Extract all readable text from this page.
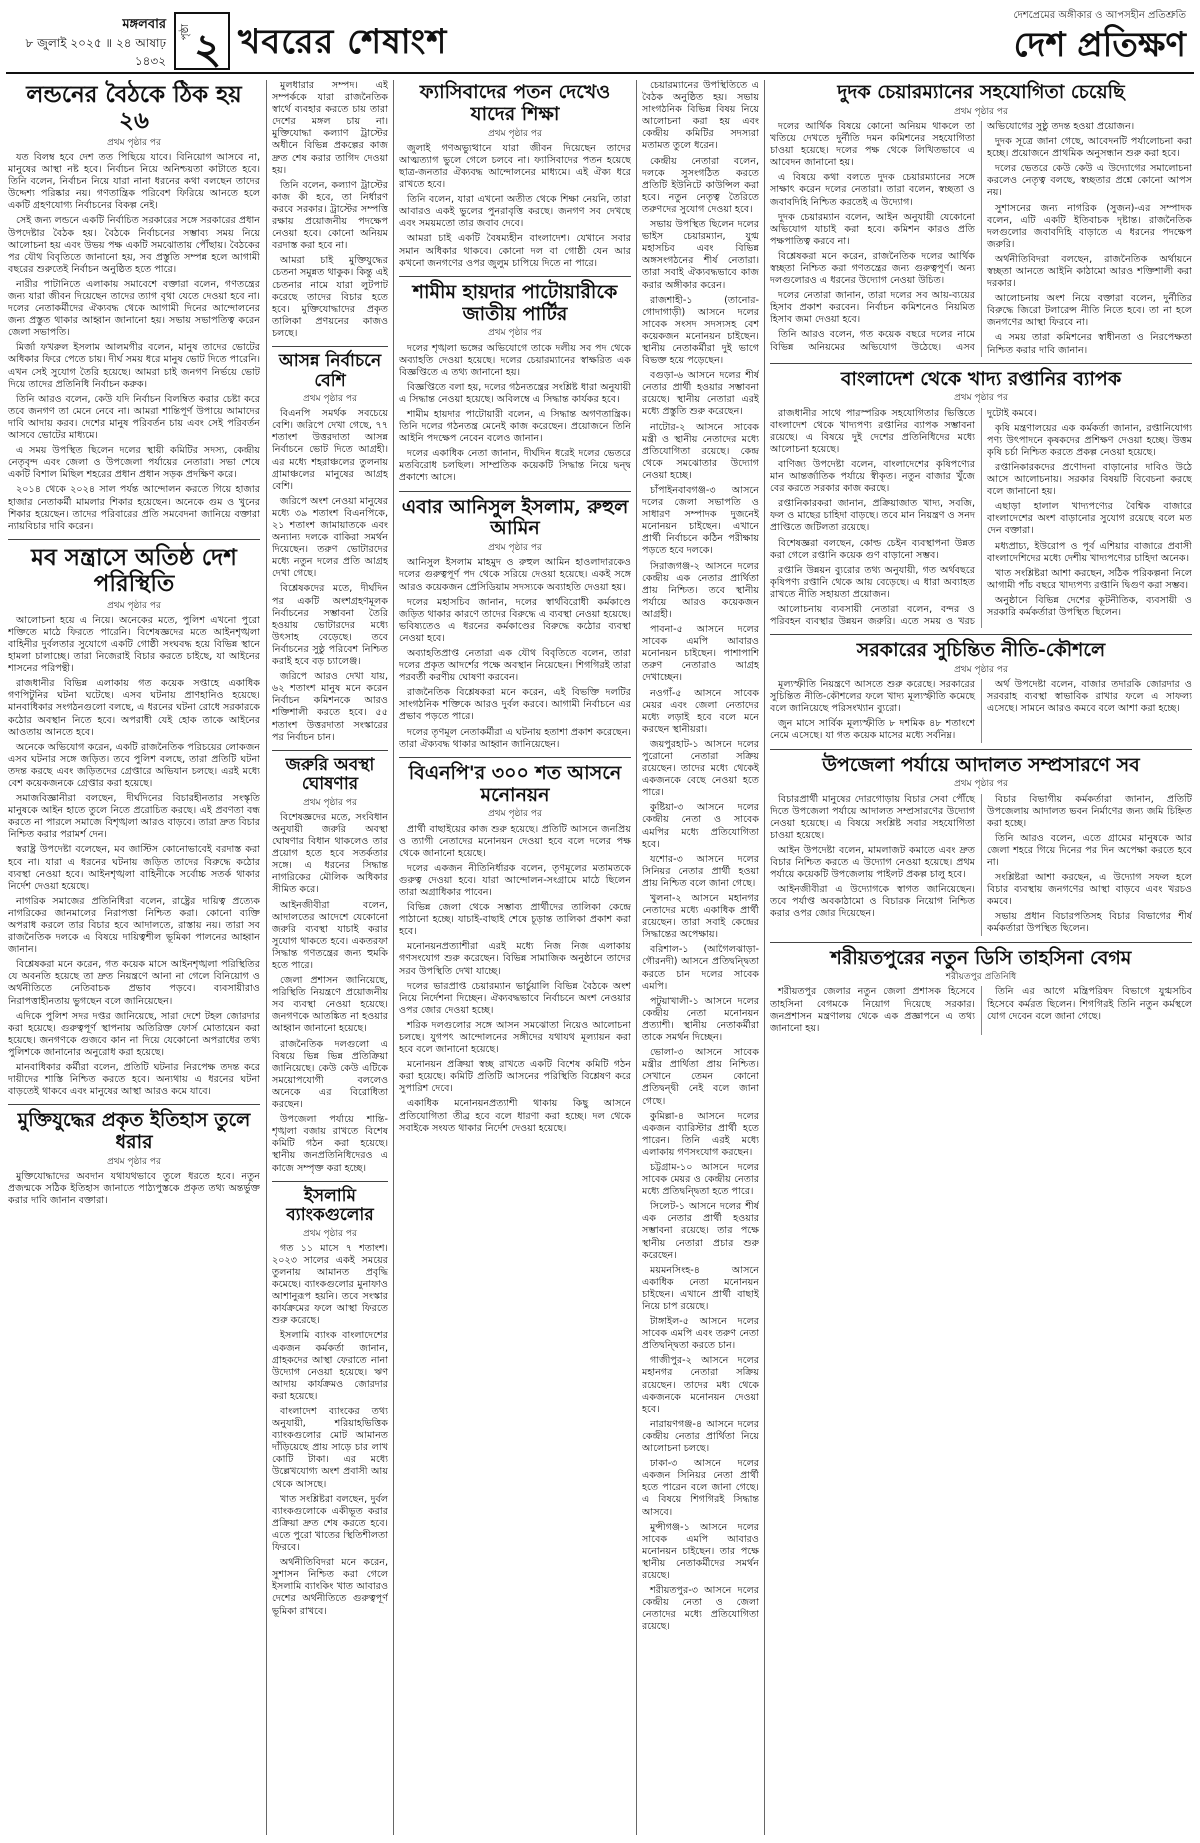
মঙ্গলবার
৮ জুলাই ২০২৫ ॥ ২৪ আষাঢ় ১৪৩২
পৃষ্ঠা ২ খবরের শেষাংশ
দেশপ্রেমের অঙ্গীকার ও আপসহীন প্রতিশ্রুতি
দেশ প্রতিক্ষণ
লন্ডনের বৈঠকে ঠিক হয় ২৬
প্রথম পৃষ্ঠার পর

যত বিলম্ব হবে দেশ তত পিছিয়ে যাবে। বিনিয়োগ আসবে না, মানুষের আস্থা নষ্ট হবে। নির্বাচন নিয়ে অনিশ্চয়তা কাটাতে হবে। তিনি বলেন, নির্বাচন নিয়ে যারা নানা ধরনের কথা বলছেন তাদের উদ্দেশ্য পরিষ্কার নয়। গণতান্ত্রিক পরিবেশ ফিরিয়ে আনতে হলে একটি গ্রহণযোগ্য নির্বাচনের বিকল্প নেই।

সেই জন্য লন্ডনে একটি নির্বাচিত সরকারের সঙ্গে সরকারের প্রধান উপদেষ্টার বৈঠক হয়। বৈঠকে নির্বাচনের সম্ভাব্য সময় নিয়ে আলোচনা হয় এবং উভয় পক্ষ একটি সমঝোতায় পৌঁছায়। বৈঠকের পর যৌথ বিবৃতিতে জানানো হয়, সব প্রস্তুতি সম্পন্ন হলে আগামী বছরের শুরুতেই নির্বাচন অনুষ্ঠিত হতে পারে।

নারীর পাটানিতে এলাকায় সমাবেশে বক্তারা বলেন, গণতন্ত্রের জন্য যারা জীবন দিয়েছেন তাদের ত্যাগ বৃথা যেতে দেওয়া হবে না। দলের নেতাকর্মীদের ঐক্যবদ্ধ থেকে আগামী দিনের আন্দোলনের জন্য প্রস্তুত থাকার আহ্বান জানানো হয়। সভায় সভাপতিত্ব করেন জেলা সভাপতি।

মির্জা ফখরুল ইসলাম আলমগীর বলেন, মানুষ তাদের ভোটের অধিকার ফিরে পেতে চায়। দীর্ঘ সময় ধরে মানুষ ভোট দিতে পারেনি। এখন সেই সুযোগ তৈরি হয়েছে। আমরা চাই জনগণ নির্ভয়ে ভোট দিয়ে তাদের প্রতিনিধি নির্বাচন করুক।

তিনি আরও বলেন, কেউ যদি নির্বাচন বিলম্বিত করার চেষ্টা করে তবে জনগণ তা মেনে নেবে না। আমরা শান্তিপূর্ণ উপায়ে আমাদের দাবি আদায় করব। দেশের মানুষ পরিবর্তন চায় এবং সেই পরিবর্তন আসবে ভোটের মাধ্যমে।

এ সময় উপস্থিত ছিলেন দলের স্থায়ী কমিটির সদস্য, কেন্দ্রীয় নেতৃবৃন্দ এবং জেলা ও উপজেলা পর্যায়ের নেতারা। সভা শেষে একটি বিশাল মিছিল শহরের প্রধান প্রধান সড়ক প্রদক্ষিণ করে।

২০১৪ থেকে ২০২৪ সাল পর্যন্ত আন্দোলন করতে গিয়ে হাজার হাজার নেতাকর্মী মামলার শিকার হয়েছেন। অনেকে গুম ও খুনের শিকার হয়েছেন। তাদের পরিবারের প্রতি সমবেদনা জানিয়ে বক্তারা ন্যায়বিচার দাবি করেন।

মব সন্ত্রাসে অতিষ্ঠ দেশ পরিস্থিতি
প্রথম পৃষ্ঠার পর

আলোচনা হয়ে এ নিয়ে। অনেকের মতে, পুলিশ এখনো পুরো শক্তিতে মাঠে ফিরতে পারেনি। বিশেষজ্ঞদের মতে আইনশৃঙ্খলা বাহিনীর দুর্বলতার সুযোগে একটি গোষ্ঠী সংঘবদ্ধ হয়ে বিভিন্ন স্থানে হামলা চালাচ্ছে। তারা নিজেরাই বিচার করতে চাইছে, যা আইনের শাসনের পরিপন্থী।

রাজধানীর বিভিন্ন এলাকায় গত কয়েক সপ্তাহে একাধিক গণপিটুনির ঘটনা ঘটেছে। এসব ঘটনায় প্রাণহানিও হয়েছে। মানবাধিকার সংগঠনগুলো বলছে, এ ধরনের ঘটনা রোধে সরকারকে কঠোর অবস্থান নিতে হবে। অপরাধী যেই হোক তাকে আইনের আওতায় আনতে হবে।

অনেকে অভিযোগ করেন, একটি রাজনৈতিক পরিচয়ের লোকজন এসব ঘটনার সঙ্গে জড়িত। তবে পুলিশ বলছে, তারা প্রতিটি ঘটনা তদন্ত করছে এবং জড়িতদের গ্রেপ্তারে অভিযান চলছে। এরই মধ্যে বেশ কয়েকজনকে গ্রেপ্তার করা হয়েছে।

সমাজবিজ্ঞানীরা বলছেন, দীর্ঘদিনের বিচারহীনতার সংস্কৃতি মানুষকে আইন হাতে তুলে নিতে প্ররোচিত করছে। এই প্রবণতা বন্ধ করতে না পারলে সমাজে বিশৃঙ্খলা আরও বাড়বে। তারা দ্রুত বিচার নিশ্চিত করার পরামর্শ দেন।

স্বরাষ্ট্র উপদেষ্টা বলেছেন, মব জাস্টিস কোনোভাবেই বরদাস্ত করা হবে না। যারা এ ধরনের ঘটনায় জড়িত তাদের বিরুদ্ধে কঠোর ব্যবস্থা নেওয়া হবে। আইনশৃঙ্খলা বাহিনীকে সর্বোচ্চ সতর্ক থাকার নির্দেশ দেওয়া হয়েছে।

নাগরিক সমাজের প্রতিনিধিরা বলেন, রাষ্ট্রের দায়িত্ব প্রত্যেক নাগরিকের জানমালের নিরাপত্তা নিশ্চিত করা। কোনো ব্যক্তি অপরাধ করলে তার বিচার হবে আদালতে, রাস্তায় নয়। তারা সব রাজনৈতিক দলকে এ বিষয়ে দায়িত্বশীল ভূমিকা পালনের আহ্বান জানান।

বিশ্লেষকরা মনে করেন, গত কয়েক মাসে আইনশৃঙ্খলা পরিস্থিতির যে অবনতি হয়েছে তা দ্রুত নিয়ন্ত্রণে আনা না গেলে বিনিয়োগ ও অর্থনীতিতে নেতিবাচক প্রভাব পড়বে। ব্যবসায়ীরাও নিরাপত্তাহীনতায় ভুগছেন বলে জানিয়েছেন।

এদিকে পুলিশ সদর দপ্তর জানিয়েছে, সারা দেশে টহল জোরদার করা হয়েছে। গুরুত্বপূর্ণ স্থাপনায় অতিরিক্ত ফোর্স মোতায়েন করা হয়েছে। জনগণকে গুজবে কান না দিয়ে যেকোনো অপরাধের তথ্য পুলিশকে জানানোর অনুরোধ করা হয়েছে।

মানবাধিকার কর্মীরা বলেন, প্রতিটি ঘটনার নিরপেক্ষ তদন্ত করে দায়ীদের শাস্তি নিশ্চিত করতে হবে। অন্যথায় এ ধরনের ঘটনা বাড়তেই থাকবে এবং মানুষের আস্থা আরও কমে যাবে।

মুক্তিযুদ্ধের প্রকৃত ইতিহাস তুলে ধরার
প্রথম পৃষ্ঠার পর

মুক্তিযোদ্ধাদের অবদান যথাযথভাবে তুলে ধরতে হবে। নতুন প্রজন্মকে সঠিক ইতিহাস জানাতে পাঠ্যপুস্তকে প্রকৃত তথ্য অন্তর্ভুক্ত করার দাবি জানান বক্তারা।

মুলধারার সম্পদ। এই সম্পর্ককে যারা রাজনৈতিক স্বার্থে ব্যবহার করতে চায় তারা দেশের মঙ্গল চায় না। মুক্তিযোদ্ধা কল্যাণ ট্রাস্টের অধীনে বিভিন্ন প্রকল্পের কাজ দ্রুত শেষ করার তাগিদ দেওয়া হয়।

তিনি বলেন, কল্যাণ ট্রাস্টের কাজ কী হবে, তা নির্ধারণ করবে সরকার। ট্রাস্টের সম্পত্তি রক্ষায় প্রয়োজনীয় পদক্ষেপ নেওয়া হবে। কোনো অনিয়ম বরদাস্ত করা হবে না।

আমরা চাই মুক্তিযুদ্ধের চেতনা সমুন্নত থাকুক। কিন্তু এই চেতনার নামে যারা লুটপাট করেছে তাদের বিচার হতে হবে। মুক্তিযোদ্ধাদের প্রকৃত তালিকা প্রণয়নের কাজও চলছে।

আসন্ন নির্বাচনে বেশি
প্রথম পৃষ্ঠার পর

বিএনপি সমর্থক সবচেয়ে বেশি। জরিপে দেখা গেছে, ৭৭ শতাংশ উত্তরদাতা আসন্ন নির্বাচনে ভোট দিতে আগ্রহী। এর মধ্যে শহরাঞ্চলের তুলনায় গ্রামাঞ্চলের মানুষের আগ্রহ বেশি।

জরিপে অংশ নেওয়া মানুষের মধ্যে ৩৯ শতাংশ বিএনপিকে, ২১ শতাংশ জামায়াতকে এবং অন্যান্য দলকে বাকিরা সমর্থন দিয়েছেন। তরুণ ভোটারদের মধ্যে নতুন দলের প্রতি আগ্রহ দেখা গেছে।

বিশ্লেষকদের মতে, দীর্ঘদিন পর একটি অংশগ্রহণমূলক নির্বাচনের সম্ভাবনা তৈরি হওয়ায় ভোটারদের মধ্যে উৎসাহ বেড়েছে। তবে নির্বাচনের সুষ্ঠু পরিবেশ নিশ্চিত করাই হবে বড় চ্যালেঞ্জ।

জরিপে আরও দেখা যায়, ৬২ শতাংশ মানুষ মনে করেন নির্বাচন কমিশনকে আরও শক্তিশালী করতে হবে। ৫৫ শতাংশ উত্তরদাতা সংস্কারের পর নির্বাচন চান।

জরুরি অবস্থা ঘোষণার
প্রথম পৃষ্ঠার পর

বিশেষজ্ঞদের মতে, সংবিধান অনুযায়ী জরুরি অবস্থা ঘোষণার বিধান থাকলেও তার প্রয়োগ হতে হবে সতর্কতার সঙ্গে। এ ধরনের সিদ্ধান্ত নাগরিকের মৌলিক অধিকার সীমিত করে।

আইনজীবীরা বলেন, আদালতের আদেশে যেকোনো জরুরি ব্যবস্থা যাচাই করার সুযোগ থাকতে হবে। একতরফা সিদ্ধান্ত গণতন্ত্রের জন্য হুমকি হতে পারে।

জেলা প্রশাসন জানিয়েছে, পরিস্থিতি নিয়ন্ত্রণে প্রয়োজনীয় সব ব্যবস্থা নেওয়া হয়েছে। জনগণকে আতঙ্কিত না হওয়ার আহ্বান জানানো হয়েছে।

রাজনৈতিক দলগুলো এ বিষয়ে ভিন্ন ভিন্ন প্রতিক্রিয়া জানিয়েছে। কেউ কেউ এটিকে সময়োপযোগী বললেও অনেকে এর বিরোধিতা করছেন।

উপজেলা পর্যায়ে শান্তি-শৃঙ্খলা বজায় রাখতে বিশেষ কমিটি গঠন করা হয়েছে। স্থানীয় জনপ্রতিনিধিদেরও এ কাজে সম্পৃক্ত করা হচ্ছে।

ইসলামি ব্যাংকগুলোর
প্রথম পৃষ্ঠার পর

গত ১১ মাসে ৭ শতাংশ। ২০২৩ সালের একই সময়ের তুলনায় আমানত প্রবৃদ্ধি কমেছে। ব্যাংকগুলোর মুনাফাও আশানুরূপ হয়নি। তবে সংস্কার কার্যক্রমের ফলে আস্থা ফিরতে শুরু করেছে।

ইসলামি ব্যাংক বাংলাদেশের একজন কর্মকর্তা জানান, গ্রাহকদের আস্থা ফেরাতে নানা উদ্যোগ নেওয়া হয়েছে। ঋণ আদায় কার্যক্রমও জোরদার করা হয়েছে।

বাংলাদেশ ব্যাংকের তথ্য অনুযায়ী, শরিয়াহভিত্তিক ব্যাংকগুলোর মোট আমানত দাঁড়িয়েছে প্রায় সাড়ে চার লাখ কোটি টাকা। এর মধ্যে উল্লেখযোগ্য অংশ প্রবাসী আয় থেকে আসছে।

খাত সংশ্লিষ্টরা বলছেন, দুর্বল ব্যাংকগুলোকে একীভূত করার প্রক্রিয়া দ্রুত শেষ করতে হবে। এতে পুরো খাতের স্থিতিশীলতা ফিরবে।

অর্থনীতিবিদরা মনে করেন, সুশাসন নিশ্চিত করা গেলে ইসলামি ব্যাংকিং খাত আবারও দেশের অর্থনীতিতে গুরুত্বপূর্ণ ভূমিকা রাখবে।

ফ্যাসিবাদের পতন দেখেও যাদের শিক্ষা
প্রথম পৃষ্ঠার পর

জুলাই গণঅভ্যুত্থানে যারা জীবন দিয়েছেন তাদের আত্মত্যাগ ভুলে গেলে চলবে না। ফ্যাসিবাদের পতন হয়েছে ছাত্র-জনতার ঐক্যবদ্ধ আন্দোলনের মাধ্যমে। এই ঐক্য ধরে রাখতে হবে।

তিনি বলেন, যারা এখনো অতীত থেকে শিক্ষা নেয়নি, তারা আবারও একই ভুলের পুনরাবৃত্তি করছে। জনগণ সব দেখছে এবং সময়মতো তার জবাব দেবে।

আমরা চাই একটি বৈষম্যহীন বাংলাদেশ। যেখানে সবার সমান অধিকার থাকবে। কোনো দল বা গোষ্ঠী যেন আর কখনো জনগণের ওপর জুলুম চাপিয়ে দিতে না পারে।

শামীম হায়দার পাটোয়ারীকে জাতীয় পার্টির
প্রথম পৃষ্ঠার পর

দলের শৃঙ্খলা ভঙ্গের অভিযোগে তাকে দলীয় সব পদ থেকে অব্যাহতি দেওয়া হয়েছে। দলের চেয়ারম্যানের স্বাক্ষরিত এক বিজ্ঞপ্তিতে এ তথ্য জানানো হয়।

বিজ্ঞপ্তিতে বলা হয়, দলের গঠনতন্ত্রের সংশ্লিষ্ট ধারা অনুযায়ী এ সিদ্ধান্ত নেওয়া হয়েছে। অবিলম্বে এ সিদ্ধান্ত কার্যকর হবে।

শামীম হায়দার পাটোয়ারী বলেন, এ সিদ্ধান্ত অগণতান্ত্রিক। তিনি দলের গঠনতন্ত্র মেনেই কাজ করেছেন। প্রয়োজনে তিনি আইনি পদক্ষেপ নেবেন বলেও জানান।

দলের একাধিক নেতা জানান, দীর্ঘদিন ধরেই দলের ভেতরে মতবিরোধ চলছিল। সাম্প্রতিক কয়েকটি সিদ্ধান্ত নিয়ে দ্বন্দ্ব প্রকাশ্যে আসে।

এবার আনিসুল ইসলাম, রুহুল আমিন
প্রথম পৃষ্ঠার পর

আনিসুল ইসলাম মাহমুদ ও রুহুল আমিন হাওলাদারকেও দলের গুরুত্বপূর্ণ পদ থেকে সরিয়ে দেওয়া হয়েছে। একই সঙ্গে আরও কয়েকজন প্রেসিডিয়াম সদস্যকে অব্যাহতি দেওয়া হয়।

দলের মহাসচিব জানান, দলের স্বার্থবিরোধী কর্মকাণ্ডে জড়িত থাকার কারণে তাদের বিরুদ্ধে এ ব্যবস্থা নেওয়া হয়েছে। ভবিষ্যতেও এ ধরনের কর্মকাণ্ডের বিরুদ্ধে কঠোর ব্যবস্থা নেওয়া হবে।

অব্যাহতিপ্রাপ্ত নেতারা এক যৌথ বিবৃতিতে বলেন, তারা দলের প্রকৃত আদর্শের পক্ষে অবস্থান নিয়েছেন। শিগগিরই তারা পরবর্তী করণীয় ঘোষণা করবেন।

রাজনৈতিক বিশ্লেষকরা মনে করেন, এই বিভক্তি দলটির সাংগঠনিক শক্তিকে আরও দুর্বল করবে। আগামী নির্বাচনে এর প্রভাব পড়তে পারে।

দলের তৃণমূল নেতাকর্মীরা এ ঘটনায় হতাশা প্রকাশ করেছেন। তারা ঐক্যবদ্ধ থাকার আহ্বান জানিয়েছেন।

বিএনপি'র ৩০০ শত আসনে মনোনয়ন
প্রথম পৃষ্ঠার পর

প্রার্থী বাছাইয়ের কাজ শুরু হয়েছে। প্রতিটি আসনে জনপ্রিয় ও ত্যাগী নেতাদের মনোনয়ন দেওয়া হবে বলে দলের পক্ষ থেকে জানানো হয়েছে।

দলের একজন নীতিনির্ধারক বলেন, তৃণমূলের মতামতকে গুরুত্ব দেওয়া হবে। যারা আন্দোলন-সংগ্রামে মাঠে ছিলেন তারা অগ্রাধিকার পাবেন।

বিভিন্ন জেলা থেকে সম্ভাব্য প্রার্থীদের তালিকা কেন্দ্রে পাঠানো হচ্ছে। যাচাই-বাছাই শেষে চূড়ান্ত তালিকা প্রকাশ করা হবে।

মনোনয়নপ্রত্যাশীরা এরই মধ্যে নিজ নিজ এলাকায় গণসংযোগ শুরু করেছেন। বিভিন্ন সামাজিক অনুষ্ঠানে তাদের সরব উপস্থিতি দেখা যাচ্ছে।

দলের ভারপ্রাপ্ত চেয়ারম্যান ভার্চুয়ালি বিভিন্ন বৈঠকে অংশ নিয়ে নির্দেশনা দিচ্ছেন। ঐক্যবদ্ধভাবে নির্বাচনে অংশ নেওয়ার ওপর জোর দেওয়া হচ্ছে।

শরিক দলগুলোর সঙ্গে আসন সমঝোতা নিয়েও আলোচনা চলছে। যুগপৎ আন্দোলনের সঙ্গীদের যথাযথ মূল্যায়ন করা হবে বলে জানানো হয়েছে।

মনোনয়ন প্রক্রিয়া স্বচ্ছ রাখতে একটি বিশেষ কমিটি গঠন করা হয়েছে। কমিটি প্রতিটি আসনের পরিস্থিতি বিশ্লেষণ করে সুপারিশ দেবে।

একাধিক মনোনয়নপ্রত্যাশী থাকায় কিছু আসনে প্রতিযোগিতা তীব্র হবে বলে ধারণা করা হচ্ছে। দল থেকে সবাইকে সংযত থাকার নির্দেশ দেওয়া হয়েছে।

চেয়ারম্যানের উপস্থিতিতে এ বৈঠক অনুষ্ঠিত হয়। সভায় সাংগঠনিক বিভিন্ন বিষয় নিয়ে আলোচনা করা হয় এবং কেন্দ্রীয় কমিটির সদস্যরা মতামত তুলে ধরেন।

কেন্দ্রীয় নেতারা বলেন, দলকে সুসংগঠিত করতে প্রতিটি ইউনিটে কাউন্সিল করা হবে। নতুন নেতৃত্ব তৈরিতে তরুণদের সুযোগ দেওয়া হবে।

সভায় উপস্থিত ছিলেন দলের ভাইস চেয়ারম্যান, যুগ্ম মহাসচিব এবং বিভিন্ন অঙ্গসংগঠনের শীর্ষ নেতারা। তারা সবাই ঐক্যবদ্ধভাবে কাজ করার অঙ্গীকার করেন।

রাজশাহী-১ (তানোর-গোদাগাড়ী) আসনে দলের সাবেক সংসদ সদস্যসহ বেশ কয়েকজন মনোনয়ন চাইছেন। স্থানীয় নেতাকর্মীরা দুই ভাগে বিভক্ত হয়ে পড়েছেন।

বগুড়া-৬ আসনে দলের শীর্ষ নেতার প্রার্থী হওয়ার সম্ভাবনা রয়েছে। স্থানীয় নেতারা এরই মধ্যে প্রস্তুতি শুরু করেছেন।

নাটোর-২ আসনে সাবেক মন্ত্রী ও স্থানীয় নেতাদের মধ্যে প্রতিযোগিতা রয়েছে। কেন্দ্র থেকে সমঝোতার উদ্যোগ নেওয়া হচ্ছে।

চাঁপাইনবাবগঞ্জ-৩ আসনে দলের জেলা সভাপতি ও সাধারণ সম্পাদক দুজনেই মনোনয়ন চাইছেন। এখানে প্রার্থী নির্বাচনে কঠিন পরীক্ষায় পড়তে হবে দলকে।

সিরাজগঞ্জ-২ আসনে দলের কেন্দ্রীয় এক নেতার প্রার্থিতা প্রায় নিশ্চিত। তবে স্থানীয় পর্যায়ে আরও কয়েকজন আগ্রহী।

পাবনা-৫ আসনে দলের সাবেক এমপি আবারও মনোনয়ন চাইছেন। পাশাপাশি তরুণ নেতারাও আগ্রহ দেখাচ্ছেন।

নওগাঁ-৫ আসনে সাবেক মেয়র এবং জেলা নেতাদের মধ্যে লড়াই হবে বলে মনে করছেন স্থানীয়রা।

জয়পুরহাট-১ আসনে দলের পুরোনো নেতারা সক্রিয় রয়েছেন। তাদের মধ্যে থেকেই একজনকে বেছে নেওয়া হতে পারে।

কুষ্টিয়া-৩ আসনে দলের কেন্দ্রীয় নেতা ও সাবেক এমপির মধ্যে প্রতিযোগিতা হবে।

যশোর-৩ আসনে দলের সিনিয়র নেতার প্রার্থী হওয়া প্রায় নিশ্চিত বলে জানা গেছে।

খুলনা-২ আসনে মহানগর নেতাদের মধ্যে একাধিক প্রার্থী রয়েছেন। তারা সবাই কেন্দ্রের সিদ্ধান্তের অপেক্ষায়।

বরিশাল-১ (আগৈলঝাড়া-গৌরনদী) আসনে প্রতিদ্বন্দ্বিতা করতে চান দলের সাবেক এমপি।

পটুয়াখালী-১ আসনে দলের কেন্দ্রীয় নেতা মনোনয়ন প্রত্যাশী। স্থানীয় নেতাকর্মীরা তাকে সমর্থন দিচ্ছেন।

ভোলা-৩ আসনে সাবেক মন্ত্রীর প্রার্থিতা প্রায় নিশ্চিত। সেখানে তেমন কোনো প্রতিদ্বন্দ্বী নেই বলে জানা গেছে।

কুমিল্লা-৪ আসনে দলের একজন ব্যারিস্টার প্রার্থী হতে পারেন। তিনি এরই মধ্যে এলাকায় গণসংযোগ করছেন।

চট্টগ্রাম-১০ আসনে দলের সাবেক মেয়র ও কেন্দ্রীয় নেতার মধ্যে প্রতিদ্বন্দ্বিতা হতে পারে।

সিলেট-১ আসনে দলের শীর্ষ এক নেতার প্রার্থী হওয়ার সম্ভাবনা রয়েছে। তার পক্ষে স্থানীয় নেতারা প্রচার শুরু করেছেন।

ময়মনসিংহ-৪ আসনে একাধিক নেতা মনোনয়ন চাইছেন। এখানে প্রার্থী বাছাই নিয়ে চাপ রয়েছে।

টাঙ্গাইল-৫ আসনে দলের সাবেক এমপি এবং তরুণ নেতা প্রতিদ্বন্দ্বিতা করতে চান।

গাজীপুর-২ আসনে দলের মহানগর নেতারা সক্রিয় রয়েছেন। তাদের মধ্য থেকে একজনকে মনোনয়ন দেওয়া হবে।

নারায়ণগঞ্জ-৪ আসনে দলের কেন্দ্রীয় নেতার প্রার্থিতা নিয়ে আলোচনা চলছে।

ঢাকা-৩ আসনে দলের একজন সিনিয়র নেতা প্রার্থী হতে পারেন বলে জানা গেছে। এ বিষয়ে শিগগিরই সিদ্ধান্ত আসবে।

মুন্সীগঞ্জ-১ আসনে দলের সাবেক এমপি আবারও মনোনয়ন চাইছেন। তার পক্ষে স্থানীয় নেতাকর্মীদের সমর্থন রয়েছে।

শরীয়তপুর-৩ আসনে দলের কেন্দ্রীয় নেতা ও জেলা নেতাদের মধ্যে প্রতিযোগিতা রয়েছে।

দুদক চেয়ারম্যানের সহযোগিতা চেয়েছি
প্রথম পৃষ্ঠার পর

দলের আর্থিক বিষয়ে কোনো অনিয়ম থাকলে তা খতিয়ে দেখতে দুর্নীতি দমন কমিশনের সহযোগিতা চাওয়া হয়েছে। দলের পক্ষ থেকে লিখিতভাবে এ আবেদন জানানো হয়।

এ বিষয়ে কথা বলতে দুদক চেয়ারম্যানের সঙ্গে সাক্ষাৎ করেন দলের নেতারা। তারা বলেন, স্বচ্ছতা ও জবাবদিহি নিশ্চিত করতেই এ উদ্যোগ।

দুদক চেয়ারম্যান বলেন, আইন অনুযায়ী যেকোনো অভিযোগ যাচাই করা হবে। কমিশন কারও প্রতি পক্ষপাতিত্ব করবে না।

বিশ্লেষকরা মনে করেন, রাজনৈতিক দলের আর্থিক স্বচ্ছতা নিশ্চিত করা গণতন্ত্রের জন্য গুরুত্বপূর্ণ। অন্য দলগুলোরও এ ধরনের উদ্যোগ নেওয়া উচিত।

দলের নেতারা জানান, তারা দলের সব আয়-ব্যয়ের হিসাব প্রকাশ করবেন। নির্বাচন কমিশনেও নিয়মিত হিসাব জমা দেওয়া হবে।

তিনি আরও বলেন, গত কয়েক বছরে দলের নামে বিভিন্ন অনিয়মের অভিযোগ উঠেছে। এসব অভিযোগের সুষ্ঠু তদন্ত হওয়া প্রয়োজন।

দুদক সূত্রে জানা গেছে, আবেদনটি পর্যালোচনা করা হচ্ছে। প্রয়োজনে প্রাথমিক অনুসন্ধান শুরু করা হবে।

দলের ভেতরে কেউ কেউ এ উদ্যোগের সমালোচনা করলেও নেতৃত্ব বলছে, স্বচ্ছতার প্রশ্নে কোনো আপস নয়।

সুশাসনের জন্য নাগরিক (সুজন)-এর সম্পাদক বলেন, এটি একটি ইতিবাচক দৃষ্টান্ত। রাজনৈতিক দলগুলোর জবাবদিহি বাড়াতে এ ধরনের পদক্ষেপ জরুরি।

অর্থনীতিবিদরা বলছেন, রাজনৈতিক অর্থায়নে স্বচ্ছতা আনতে আইনি কাঠামো আরও শক্তিশালী করা দরকার।

আলোচনায় অংশ নিয়ে বক্তারা বলেন, দুর্নীতির বিরুদ্ধে জিরো টলারেন্স নীতি নিতে হবে। তা না হলে জনগণের আস্থা ফিরবে না।

এ সময় তারা কমিশনের স্বাধীনতা ও নিরপেক্ষতা নিশ্চিত করার দাবি জানান।

বাংলাদেশ থেকে খাদ্য রপ্তানির ব্যাপক
প্রথম পৃষ্ঠার পর

রাজধানীর সাথে পারস্পরিক সহযোগিতার ভিত্তিতে বাংলাদেশ থেকে খাদ্যপণ্য রপ্তানির ব্যাপক সম্ভাবনা রয়েছে। এ বিষয়ে দুই দেশের প্রতিনিধিদের মধ্যে আলোচনা হয়েছে।

বাণিজ্য উপদেষ্টা বলেন, বাংলাদেশের কৃষিপণ্যের মান আন্তর্জাতিক পর্যায়ে স্বীকৃত। নতুন বাজার খুঁজে বের করতে সরকার কাজ করছে।

রপ্তানিকারকরা জানান, প্রক্রিয়াজাত খাদ্য, সবজি, ফল ও মাছের চাহিদা বাড়ছে। তবে মান নিয়ন্ত্রণ ও সনদ প্রাপ্তিতে জটিলতা রয়েছে।

বিশেষজ্ঞরা বলছেন, কোল্ড চেইন ব্যবস্থাপনা উন্নত করা গেলে রপ্তানি কয়েক গুণ বাড়ানো সম্ভব।

রপ্তানি উন্নয়ন ব্যুরোর তথ্য অনুযায়ী, গত অর্থবছরে কৃষিপণ্য রপ্তানি থেকে আয় বেড়েছে। এ ধারা অব্যাহত রাখতে নীতি সহায়তা প্রয়োজন।

আলোচনায় ব্যবসায়ী নেতারা বলেন, বন্দর ও পরিবহন ব্যবস্থার উন্নয়ন জরুরি। এতে সময় ও খরচ দুটোই কমবে।

কৃষি মন্ত্রণালয়ের এক কর্মকর্তা জানান, রপ্তানিযোগ্য পণ্য উৎপাদনে কৃষকদের প্রশিক্ষণ দেওয়া হচ্ছে। উত্তম কৃষি চর্চা নিশ্চিত করতে প্রকল্প নেওয়া হয়েছে।

রপ্তানিকারকদের প্রণোদনা বাড়ানোর দাবিও উঠে আসে আলোচনায়। সরকার বিষয়টি বিবেচনা করছে বলে জানানো হয়।

এছাড়া হালাল খাদ্যপণ্যের বৈশ্বিক বাজারে বাংলাদেশের অংশ বাড়ানোর সুযোগ রয়েছে বলে মত দেন বক্তারা।

মধ্যপ্রাচ্য, ইউরোপ ও পূর্ব এশিয়ার বাজারে প্রবাসী বাংলাদেশিদের মধ্যে দেশীয় খাদ্যপণ্যের চাহিদা অনেক।

খাত সংশ্লিষ্টরা আশা করছেন, সঠিক পরিকল্পনা নিলে আগামী পাঁচ বছরে খাদ্যপণ্য রপ্তানি দ্বিগুণ করা সম্ভব।

অনুষ্ঠানে বিভিন্ন দেশের কূটনীতিক, ব্যবসায়ী ও সরকারি কর্মকর্তারা উপস্থিত ছিলেন।

সরকারের সুচিন্তিত নীতি-কৌশলে
প্রথম পৃষ্ঠার পর

মূল্যস্ফীতি নিয়ন্ত্রণে আসতে শুরু করেছে। সরকারের সুচিন্তিত নীতি-কৌশলের ফলে খাদ্য মূল্যস্ফীতি কমেছে বলে জানিয়েছে পরিসংখ্যান ব্যুরো।

জুন মাসে সার্বিক মূল্যস্ফীতি ৮ দশমিক ৪৮ শতাংশে নেমে এসেছে। যা গত কয়েক মাসের মধ্যে সর্বনিম্ন।

অর্থ উপদেষ্টা বলেন, বাজার তদারকি জোরদার ও সরবরাহ ব্যবস্থা স্বাভাবিক রাখার ফলে এ সাফল্য এসেছে। সামনে আরও কমবে বলে আশা করা হচ্ছে।

উপজেলা পর্যায়ে আদালত সম্প্রসারণে সব
প্রথম পৃষ্ঠার পর

বিচারপ্রার্থী মানুষের দোরগোড়ায় বিচার সেবা পৌঁছে দিতে উপজেলা পর্যায়ে আদালত সম্প্রসারণের উদ্যোগ নেওয়া হয়েছে। এ বিষয়ে সংশ্লিষ্ট সবার সহযোগিতা চাওয়া হয়েছে।

আইন উপদেষ্টা বলেন, মামলাজট কমাতে এবং দ্রুত বিচার নিশ্চিত করতে এ উদ্যোগ নেওয়া হয়েছে। প্রথম পর্যায়ে কয়েকটি উপজেলায় পাইলট প্রকল্প চালু হবে।

আইনজীবীরা এ উদ্যোগকে স্বাগত জানিয়েছেন। তবে পর্যাপ্ত অবকাঠামো ও বিচারক নিয়োগ নিশ্চিত করার ওপর জোর দিয়েছেন।

বিচার বিভাগীয় কর্মকর্তারা জানান, প্রতিটি উপজেলায় আদালত ভবন নির্মাণের জন্য জমি চিহ্নিত করা হচ্ছে।

তিনি আরও বলেন, এতে গ্রামের মানুষকে আর জেলা শহরে গিয়ে দিনের পর দিন অপেক্ষা করতে হবে না।

সংশ্লিষ্টরা আশা করছেন, এ উদ্যোগ সফল হলে বিচার ব্যবস্থায় জনগণের আস্থা বাড়বে এবং খরচও কমবে।

সভায় প্রধান বিচারপতিসহ বিচার বিভাগের শীর্ষ কর্মকর্তারা উপস্থিত ছিলেন।

শরীয়তপুরের নতুন ডিসি তাহসিনা বেগম
শরীয়তপুর প্রতিনিধি

শরীয়তপুর জেলার নতুন জেলা প্রশাসক হিসেবে তাহসিনা বেগমকে নিয়োগ দিয়েছে সরকার। জনপ্রশাসন মন্ত্রণালয় থেকে এক প্রজ্ঞাপনে এ তথ্য জানানো হয়।

তিনি এর আগে মন্ত্রিপরিষদ বিভাগে যুগ্মসচিব হিসেবে কর্মরত ছিলেন। শিগগিরই তিনি নতুন কর্মস্থলে যোগ দেবেন বলে জানা গেছে।
